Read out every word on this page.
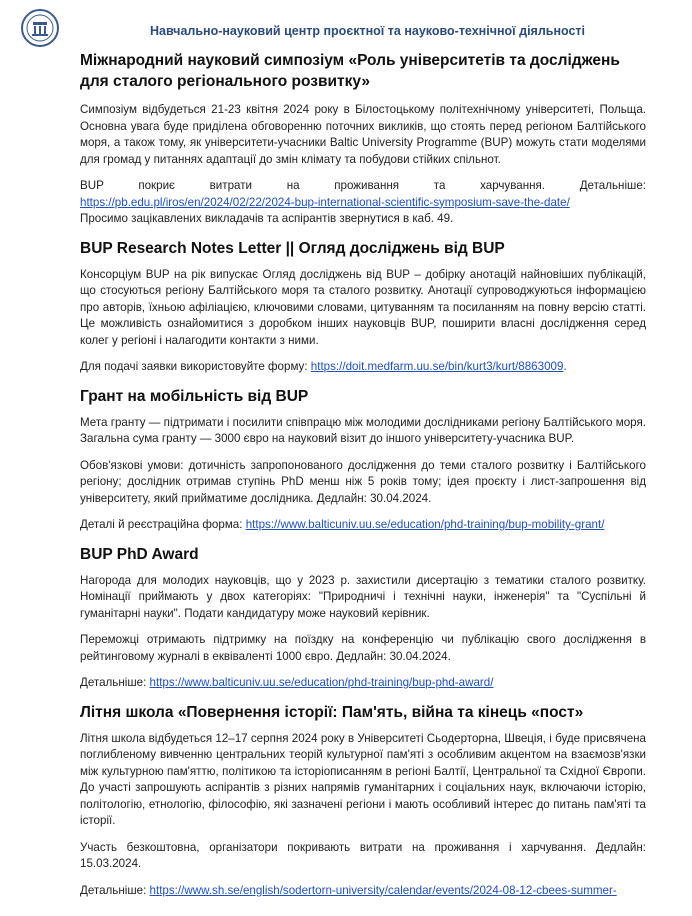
Навчально-науковий центр проєктної та науково-технічної діяльності
Міжнародний науковий симпозіум «Роль університетів та досліджень для сталого регіонального розвитку»

Симпозіум відбудеться 21-23 квітня 2024 року в Білостоцькому політехнічному університеті, Польща. Основна увага буде приділена обговоренню поточних викликів, що стоять перед регіоном Балтійського моря, а також тому, як університети-учасники Baltic University Programme (BUP) можуть стати моделями для громад у питаннях адаптації до змін клімату та побудови стійких спільнот.

BUP покриє витрати на проживання та харчування. Детальніше:
https://pb.edu.pl/iros/en/2024/02/22/2024-bup-international-scientific-symposium-save-the-date/
Просимо зацікавлених викладачів та аспірантів звернутися в каб. 49.

BUP Research Notes Letter || Огляд досліджень від BUP

Консорціум BUP на рік випускає Огляд досліджень від BUP – добірку анотацій найновіших публікацій, що стосуються регіону Балтійського моря та сталого розвитку. Анотації супроводжуються інформацією про авторів, їхньою афіліацією, ключовими словами, цитуванням та посиланням на повну версію статті. Це можливість ознайомитися з доробком інших науковців BUP, поширити власні дослідження серед колег у регіоні і налагодити контакти з ними.

Для подачі заявки використовуйте форму: https://doit.medfarm.uu.se/bin/kurt3/kurt/8863009.

Грант на мобільність від BUP

Мета гранту — підтримати і посилити співпрацю між молодими дослідниками регіону Балтійського моря. Загальна сума гранту — 3000 євро на науковий візит до іншого університету-учасника BUP.

Обов'язкові умови: дотичність запропонованого дослідження до теми сталого розвитку і Балтійського регіону; дослідник отримав ступінь PhD менш ніж 5 років тому; ідея проєкту і лист-запрошення від університету, який прийматиме дослідника. Дедлайн: 30.04.2024.

Деталі й реєстраційна форма: https://www.balticuniv.uu.se/education/phd-training/bup-mobility-grant/

BUP PhD Award

Нагорода для молодих науковців, що у 2023 р. захистили дисертацію з тематики сталого розвитку. Номінації приймають у двох категоріях: "Природничі і технічні науки, інженерія" та "Суспільні й гуманітарні науки". Подати кандидатуру може науковий керівник.

Переможці отримають підтримку на поїздку на конференцію чи публікацію свого дослідження в рейтинговому журналі в еквіваленті 1000 євро. Дедлайн: 30.04.2024.

Детальніше: https://www.balticuniv.uu.se/education/phd-training/bup-phd-award/

Літня школа «Повернення історії: Пам'ять, війна та кінець «пост»

Літня школа відбудеться 12–17 серпня 2024 року в Університеті Сьодерторна, Швеція, і буде присвячена поглибленому вивченню центральних теорій культурної пам'яті з особливим акцентом на взаємозв'язки між культурною пам'яттю, політикою та історіописанням в регіоні Балтії, Центральної та Східної Європи. До участі запрошують аспірантів з різних напрямів гуманітарних і соціальних наук, включаючи історію, політологію, етнологію, філософію, які зазначені регіони і мають особливий інтерес до питань пам'яті та історії.

Участь безкоштовна, організатори покривають витрати на проживання і харчування. Дедлайн: 15.03.2024.

Детальніше: https://www.sh.se/english/sodertorn-university/calendar/events/2024-08-12-cbees-summer-
